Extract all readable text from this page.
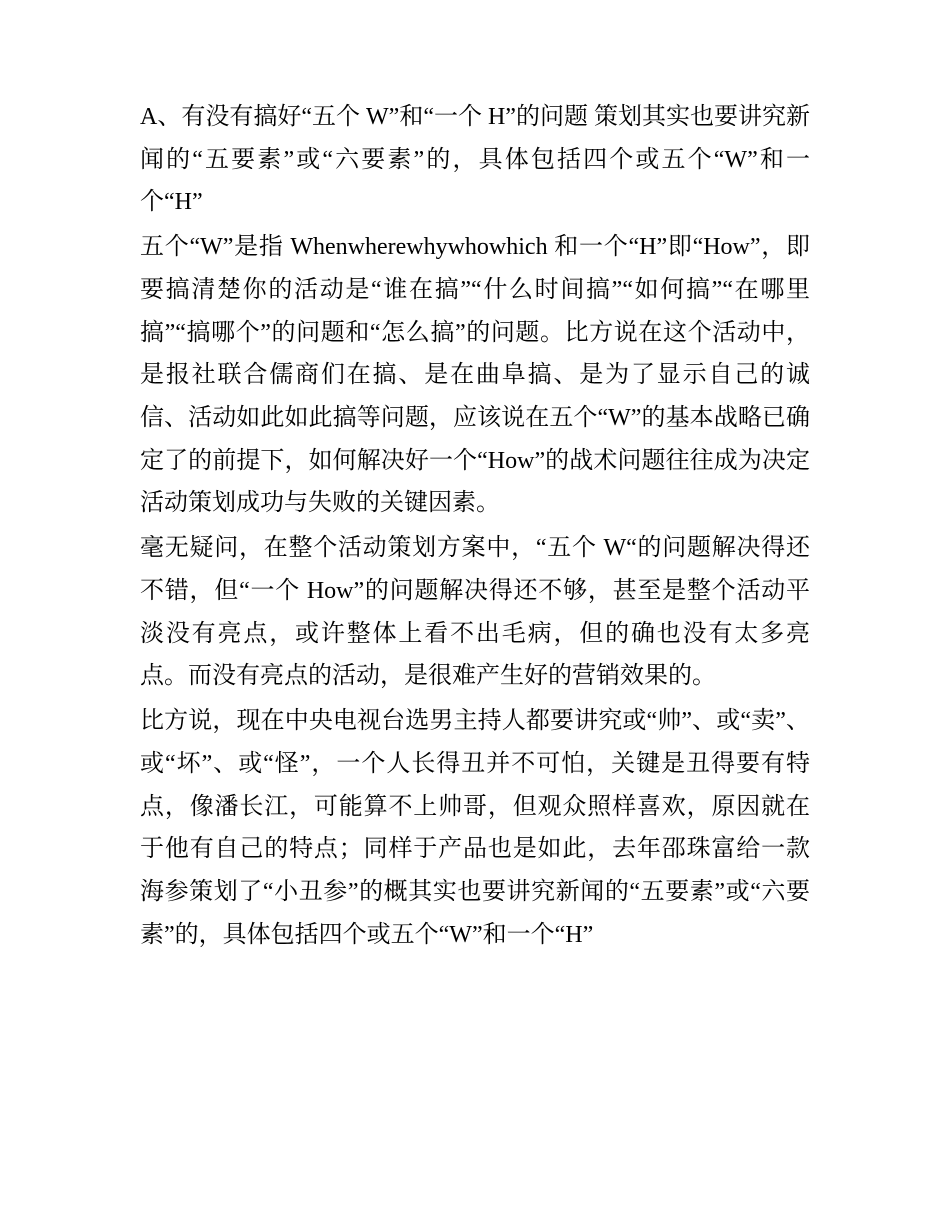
A、有没有搞好“五个 W”和“一个 H”的问题 策划其实也要讲究新闻的“五要素”或“六要素”的，具体包括四个或五个“W”和一个“H”

五个“W”是指 Whenwherewhywhowhich 和一个“H”即“How”，即要搞清楚你的活动是“谁在搞”“什么时间搞”“如何搞”“在哪里搞”“搞哪个”的问题和“怎么搞”的问题。比方说在这个活动中，是报社联合儒商们在搞、是在曲阜搞、是为了显示自己的诚信、活动如此如此搞等问题，应该说在五个“W”的基本战略已确定了的前提下，如何解决好一个“How”的战术问题往往成为决定活动策划成功与失败的关键因素。

毫无疑问，在整个活动策划方案中，“五个 W“的问题解决得还不错，但“一个 How”的问题解决得还不够，甚至是整个活动平淡没有亮点，或许整体上看不出毛病，但的确也没有太多亮点。而没有亮点的活动，是很难产生好的营销效果的。

比方说，现在中央电视台选男主持人都要讲究或“帅”、或“卖”、或“坏”、或“怪”，一个人长得丑并不可怕，关键是丑得要有特点，像潘长江，可能算不上帅哥，但观众照样喜欢，原因就在于他有自己的特点；同样于产品也是如此，去年邵珠富给一款海参策划了“小丑参”的概其实也要讲究新闻的“五要素”或“六要素”的，具体包括四个或五个“W”和一个“H”
